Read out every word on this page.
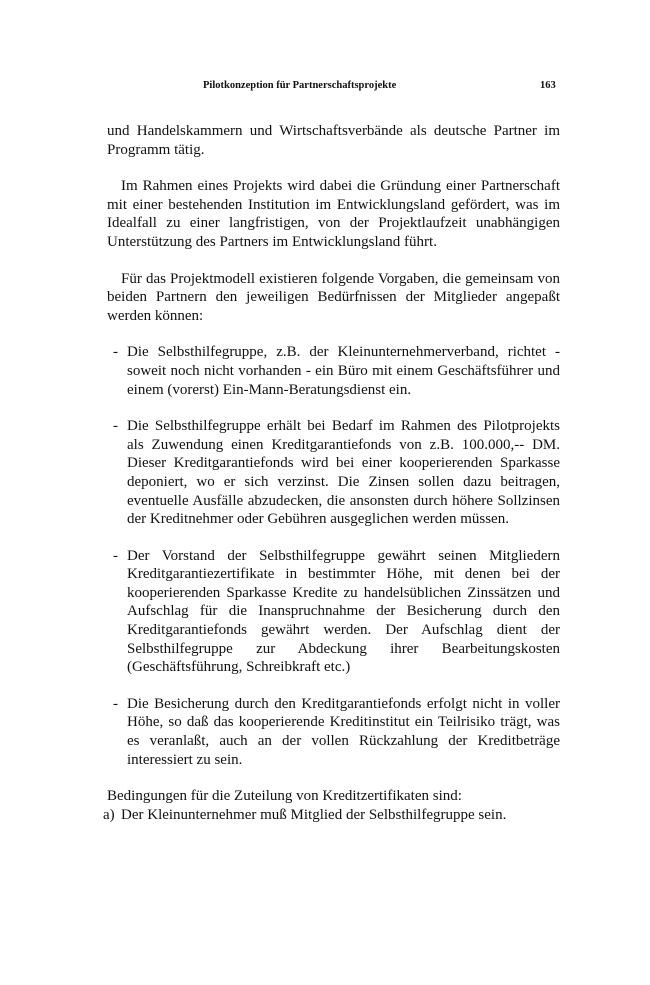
Pilotkonzeption für Partnerschaftsprojekte	163

und Handelskammern und Wirtschaftsverbände als deutsche Partner im Programm tätig.

Im Rahmen eines Projekts wird dabei die Gründung einer Partnerschaft mit einer bestehenden Institution im Entwicklungsland gefördert, was im Idealfall zu einer langfristigen, von der Projektlaufzeit unabhängigen Unterstützung des Partners im Entwicklungsland führt.

Für das Projektmodell existieren folgende Vorgaben, die gemeinsam von beiden Partnern den jeweiligen Bedürfnissen der Mitglieder angepaßt werden können:

- Die Selbsthilfegruppe, z.B. der Kleinunternehmerverband, richtet - soweit noch nicht vorhanden - ein Büro mit einem Geschäftsführer und einem (vorerst) Ein-Mann-Beratungsdienst ein.
- Die Selbsthilfegruppe erhält bei Bedarf im Rahmen des Pilotprojekts als Zuwendung einen Kreditgarantiefonds von z.B. 100.000,-- DM. Dieser Kreditgarantiefonds wird bei einer kooperierenden Sparkasse deponiert, wo er sich verzinst. Die Zinsen sollen dazu beitragen, eventuelle Ausfälle abzudecken, die ansonsten durch höhere Sollzinsen der Kreditnehmer oder Gebühren ausgeglichen werden müssen.
- Der Vorstand der Selbsthilfegruppe gewährt seinen Mitgliedern Kreditgarantiezertifikate in bestimmter Höhe, mit denen bei der kooperierenden Sparkasse Kredite zu handelsüblichen Zinssätzen und Aufschlag für die Inanspruchnahme der Besicherung durch den Kreditgarantiefonds gewährt werden. Der Aufschlag dient der Selbsthilfegruppe zur Abdeckung ihrer Bearbeitungskosten (Geschäftsführung, Schreibkraft etc.)
- Die Besicherung durch den Kreditgarantiefonds erfolgt nicht in voller Höhe, so daß das kooperierende Kreditinstitut ein Teilrisiko trägt, was es veranlaßt, auch an der vollen Rückzahlung der Kreditbeträge interessiert zu sein.

Bedingungen für die Zuteilung von Kreditzertifikaten sind:

a) Der Kleinunternehmer muß Mitglied der Selbsthilfegruppe sein.
